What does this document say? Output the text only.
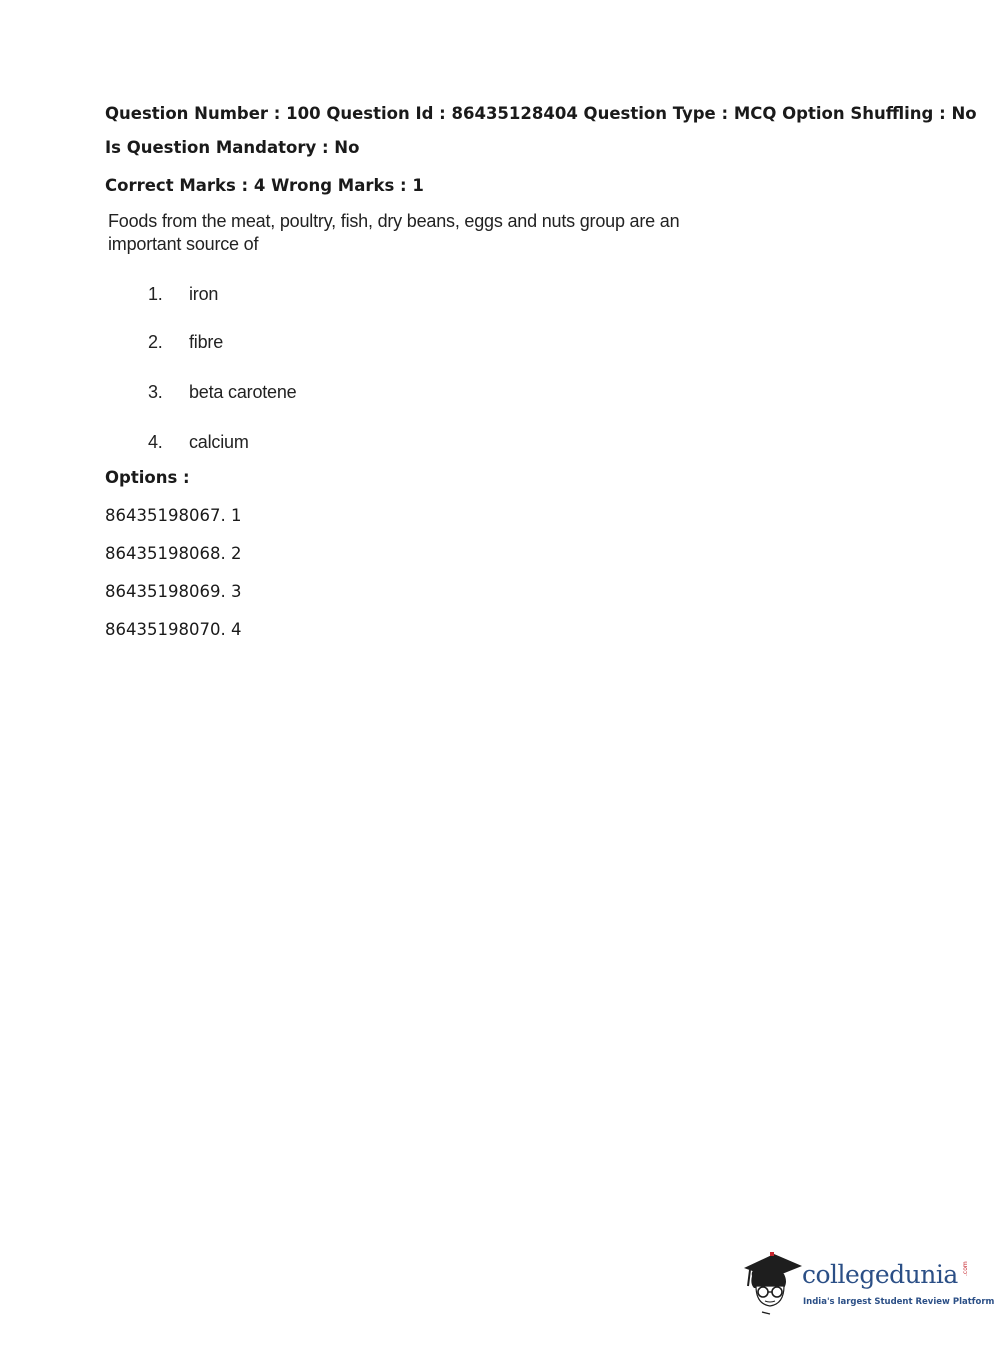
Question Number : 100 Question Id : 86435128404 Question Type : MCQ Option Shuffling : No
Is Question Mandatory : No
Correct Marks : 4 Wrong Marks : 1
Foods from the meat, poultry, fish, dry beans, eggs and nuts group are an
important source of
1. iron
2. fibre
3. beta carotene
4. calcium
Options :
86435198067. 1
86435198068. 2
86435198069. 3
86435198070. 4
collegedunia .com
India's largest Student Review Platform
